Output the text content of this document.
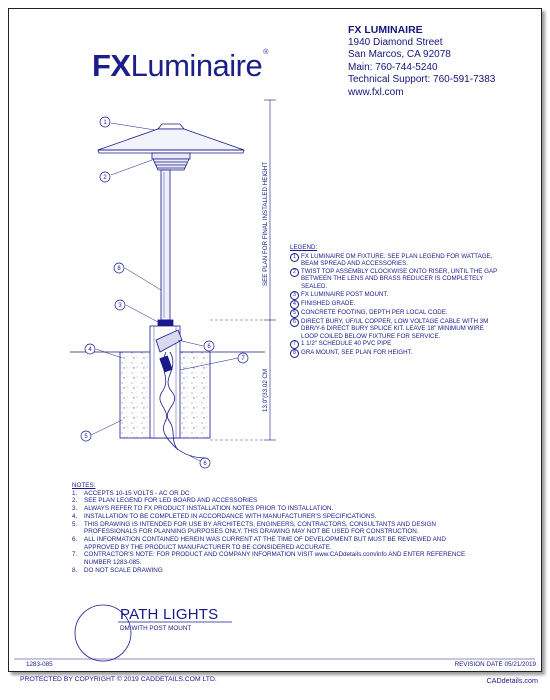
FXLuminaire®
FX LUMINAIRE
1940 Diamond Street
San Marcos, CA 92078
Main: 760-744-5240
Technical Support: 760-591-7383
www.fxl.com
1
2
8
3
4
5
6
7
6
SEE PLAN FOR FINAL INSTALLED HEIGHT
13.0"(33.02 CM
LEGEND:
1 FX LUMINAIRE DM FIXTURE. SEE PLAN LEGEND FOR WATTAGE, BEAM SPREAD AND ACCESSORIES.
2 TWIST TOP ASSEMBLY CLOCKWISE ONTO RISER, UNTIL THE GAP BETWEEN THE LENS AND BRASS REDUCER IS COMPLETELY SEALED.
3 FX LUMINAIRE POST MOUNT.
4 FINISHED GRADE.
5 CONCRETE FOOTING, DEPTH PER LOCAL CODE.
6 DIRECT BURY, UF/UL COPPER, LOW VOLTAGE CABLE WITH 3M DBR/Y-6 DIRECT BURY SPLICE KIT. LEAVE 18" MINIMUM WIRE LOOP COILED BELOW FIXTURE FOR SERVICE.
7 1 1/2" SCHEDULE 40 PVC PIPE
8 GRA MOUNT, SEE PLAN FOR HEIGHT.
NOTES:
1.	ACCEPTS 10-15 VOLTS - AC OR DC
2.	SEE PLAN LEGEND FOR LED BOARD AND ACCESSORIES
3.	ALWAYS REFER TO FX PRODUCT INSTALLATION NOTES PRIOR TO INSTALLATION.
4.	INSTALLATION TO BE COMPLETED IN ACCORDANCE WITH MANUFACTURER'S SPECIFICATIONS.
5.	THIS DRAWING IS INTENDED FOR USE BY ARCHITECTS, ENGINEERS, CONTRACTORS, CONSULTANTS AND DESIGN PROFESSIONALS FOR PLANNING PURPOSES ONLY. THIS DRAWING MAY NOT BE USED FOR CONSTRUCTION.
6.	ALL INFORMATION CONTAINED HEREIN WAS CURRENT AT THE TIME OF DEVELOPMENT BUT MUST BE REVIEWED AND APPROVED BY THE PRODUCT MANUFACTURER TO BE CONSIDERED ACCURATE.
7.	CONTRACTOR'S NOTE: FOR PRODUCT AND COMPANY INFORMATION VISIT www.CADdetails.com/info AND ENTER REFERENCE NUMBER 1283-085.
8.	DO NOT SCALE DRAWING
PATH LIGHTS
DM WITH POST MOUNT
1283-085	REVISION DATE 05/21/2019
PROTECTED BY COPYRIGHT © 2019 CADDETAILS.COM LTD.	CADdetails.com
